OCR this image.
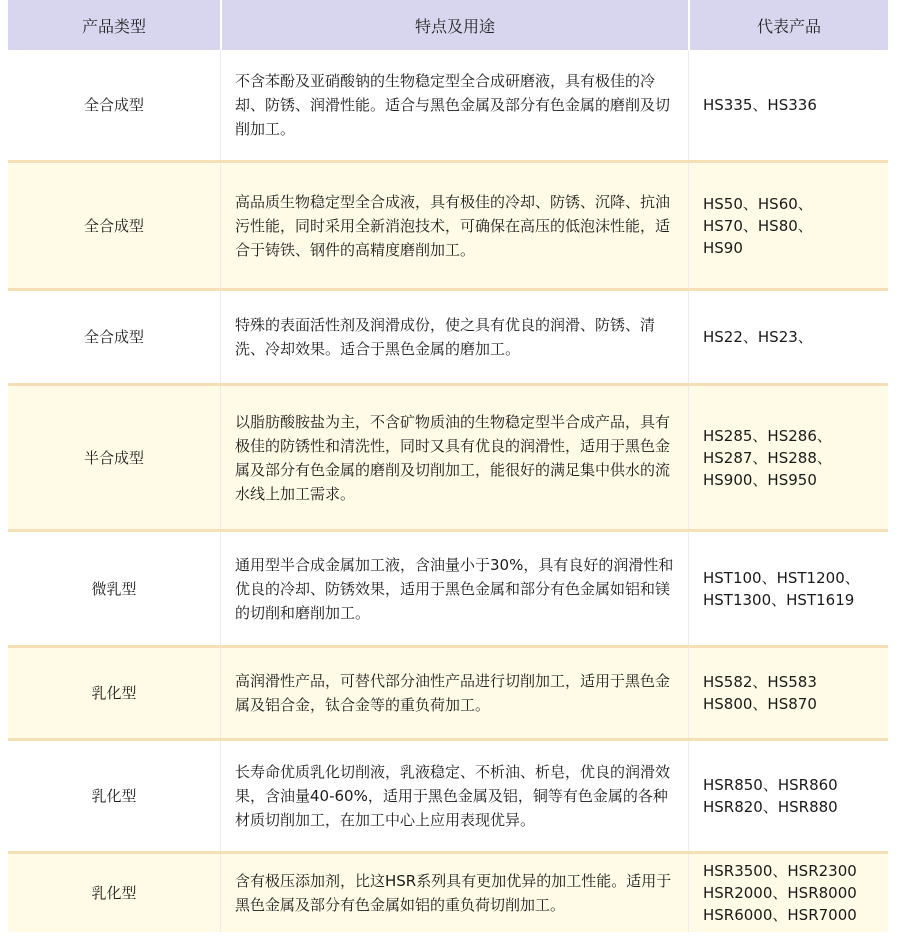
产品类型	特点及用途	代表产品
全合成型
不含苯酚及亚硝酸钠的生物稳定型全合成研磨液，具有极佳的冷却、防锈、润滑性能。适合与黑色金属及部分有色金属的磨削及切削加工。
HS335、HS336
全合成型
高品质生物稳定型全合成液，具有极佳的冷却、防锈、沉降、抗油污性能，同时采用全新消泡技术，可确保在高压的低泡沫性能，适合于铸铁、钢件的高精度磨削加工。
HS50、HS60、
HS70、HS80、
HS90
全合成型
特殊的表面活性剂及润滑成份，使之具有优良的润滑、防锈、清洗、冷却效果。适合于黑色金属的磨加工。
HS22、HS23、
半合成型
以脂肪酸胺盐为主，不含矿物质油的生物稳定型半合成产品，具有极佳的防锈性和清洗性，同时又具有优良的润滑性，适用于黑色金属及部分有色金属的磨削及切削加工，能很好的满足集中供水的流水线上加工需求。
HS285、HS286、
HS287、HS288、
HS900、HS950
微乳型
通用型半合成金属加工液，含油量小于30%，具有良好的润滑性和优良的冷却、防锈效果，适用于黑色金属和部分有色金属如铝和镁的切削和磨削加工。
HST100、HST1200、
HST1300、HST1619
乳化型
高润滑性产品，可替代部分油性产品进行切削加工，适用于黑色金属及铝合金，钛合金等的重负荷加工。
HS582、HS583
HS800、HS870
乳化型
长寿命优质乳化切削液，乳液稳定、不析油、析皂，优良的润滑效果，含油量40-60%，适用于黑色金属及铝，铜等有色金属的各种材质切削加工，在加工中心上应用表现优异。
HSR850、HSR860
HSR820、HSR880
乳化型
含有极压添加剂，比这HSR系列具有更加优异的加工性能。适用于黑色金属及部分有色金属如铝的重负荷切削加工。
HSR3500、HSR2300
HSR2000、HSR8000
HSR6000、HSR7000
